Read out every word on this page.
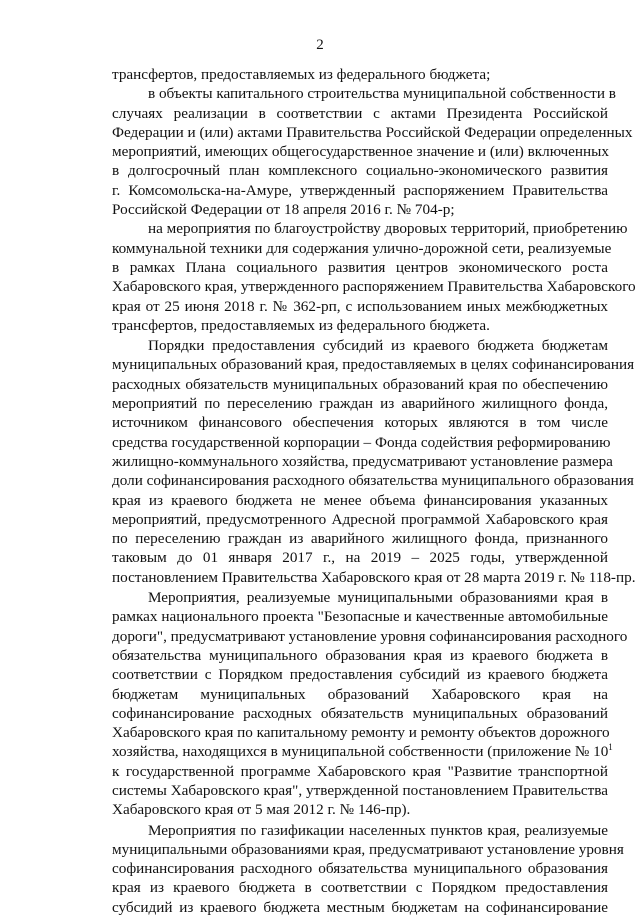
2
трансфертов, предоставляемых из федерального бюджета;
в объекты капитального строительства муниципальной собственности в
случаях реализации в соответствии с актами Президента Российской
Федерации и (или) актами Правительства Российской Федерации определенных
мероприятий, имеющих общегосударственное значение и (или) включенных
в долгосрочный план комплексного социально-экономического развития
г. Комсомольска-на-Амуре, утвержденный распоряжением Правительства
Российской Федерации от 18 апреля 2016 г. № 704-р;
на мероприятия по благоустройству дворовых территорий, приобретению
коммунальной техники для содержания улично-дорожной сети, реализуемые
в рамках Плана социального развития центров экономического роста
Хабаровского края, утвержденного распоряжением Правительства Хабаровского
края от 25 июня 2018 г. № 362-рп, с использованием иных межбюджетных
трансфертов, предоставляемых из федерального бюджета.
Порядки предоставления субсидий из краевого бюджета бюджетам
муниципальных образований края, предоставляемых в целях софинансирования
расходных обязательств муниципальных образований края по обеспечению
мероприятий по переселению граждан из аварийного жилищного фонда,
источником финансового обеспечения которых являются в том числе
средства государственной корпорации – Фонда содействия реформированию
жилищно-коммунального хозяйства, предусматривают установление размера
доли софинансирования расходного обязательства муниципального образования
края из краевого бюджета не менее объема финансирования указанных
мероприятий, предусмотренного Адресной программой Хабаровского края
по переселению граждан из аварийного жилищного фонда, признанного
таковым до 01 января 2017 г., на 2019 – 2025 годы, утвержденной
постановлением Правительства Хабаровского края от 28 марта 2019 г. № 118-пр.
Мероприятия, реализуемые муниципальными образованиями края в
рамках национального проекта "Безопасные и качественные автомобильные
дороги", предусматривают установление уровня софинансирования расходного
обязательства муниципального образования края из краевого бюджета в
соответствии с Порядком предоставления субсидий из краевого бюджета
бюджетам муниципальных образований Хабаровского края на
софинансирование расходных обязательств муниципальных образований
Хабаровского края по капитальному ремонту и ремонту объектов дорожного
хозяйства, находящихся в муниципальной собственности (приложение № $10^1$
к государственной программе Хабаровского края "Развитие транспортной
системы Хабаровского края", утвержденной постановлением Правительства
Хабаровского края от 5 мая 2012 г. № 146-пр).
Мероприятия по газификации населенных пунктов края, реализуемые
муниципальными образованиями края, предусматривают установление уровня
софинансирования расходного обязательства муниципального образования
края из краевого бюджета в соответствии с Порядком предоставления
субсидий из краевого бюджета местным бюджетам на софинансирование
